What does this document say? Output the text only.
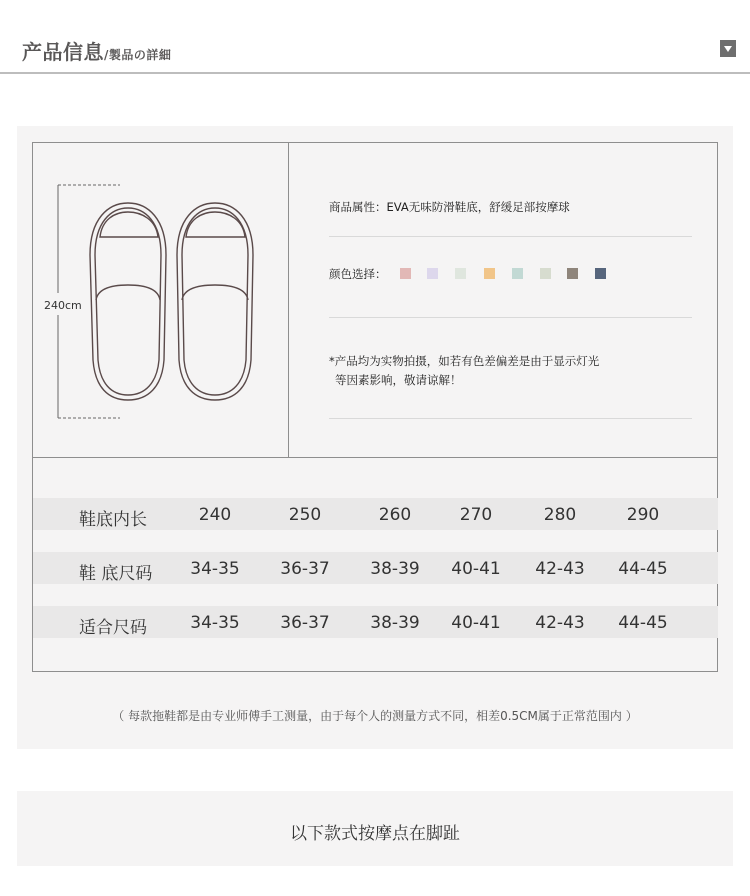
产品信息/製品の詳細
240cm
商品属性：EVA无味防滑鞋底，舒缓足部按摩球
颜色选择：
*产品均为实物拍摄，如若有色差偏差是由于显示灯光
等因素影响，敬请谅解！
鞋底内长	240	250	260	270	280	290
鞋 底尺码 34-35 36-37 38-39 40-41 42-43 44-45
适合尺码	34-35 36-37 38-39 40-41 42-43 44-45
（ 每款拖鞋都是由专业师傅手工测量，由于每个人的测量方式不同，相差0.5CM属于正常范围内 ）
以下款式按摩点在脚趾
